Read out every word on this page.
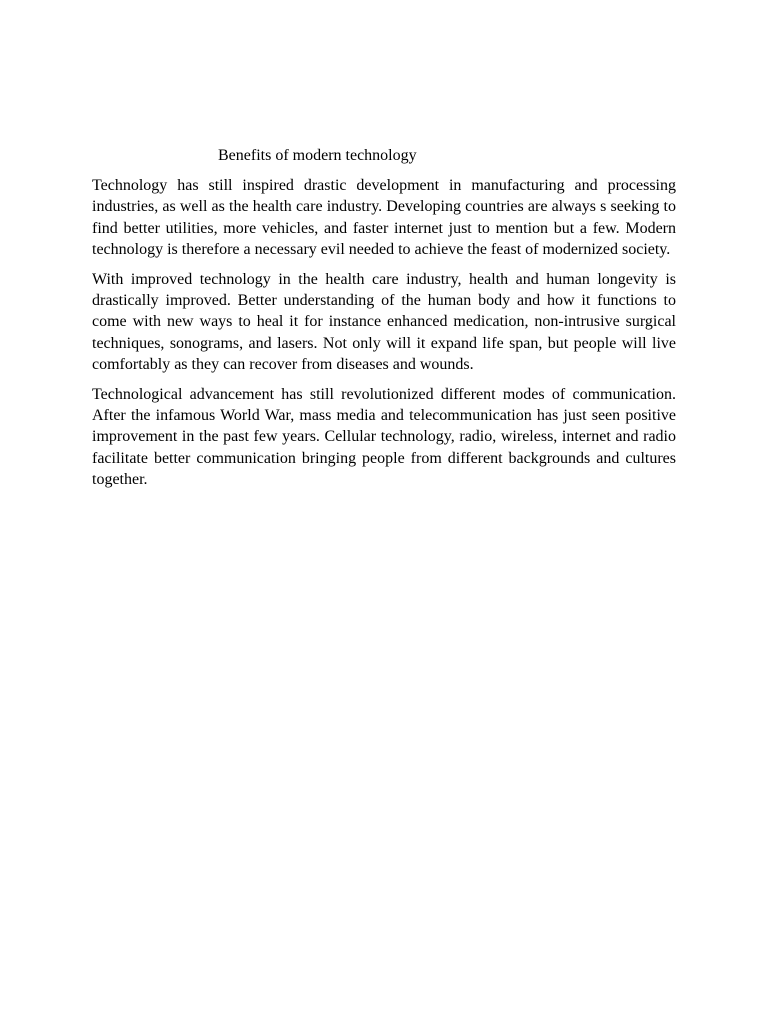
Benefits of modern technology

Technology has still inspired drastic development in manufacturing and processing industries, as well as the health care industry. Developing countries are always s seeking to find better utilities, more vehicles, and faster internet just to mention but a few. Modern technology is therefore a necessary evil needed to achieve the feast of modernized society.

With improved technology in the health care industry, health and human longevity is drastically improved. Better understanding of the human body and how it functions to come with new ways to heal it for instance enhanced medication, non-intrusive surgical techniques, sonograms, and lasers. Not only will it expand life span, but people will live comfortably as they can recover from diseases and wounds.

Technological advancement has still revolutionized different modes of communication. After the infamous World War, mass media and telecommunication has just seen positive improvement in the past few years. Cellular technology, radio, wireless, internet and radio facilitate better communication bringing people from different backgrounds and cultures together.
